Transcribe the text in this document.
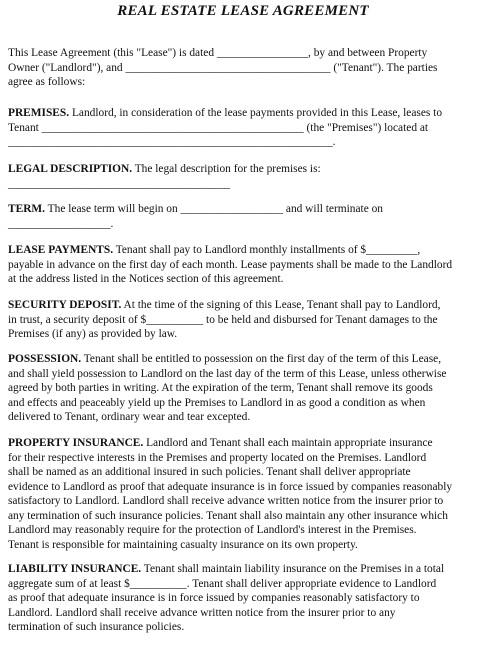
REAL ESTATE LEASE AGREEMENT
This Lease Agreement (this "Lease") is dated ________________, by and between Property
Owner ("Landlord"), and ____________________________________ ("Tenant"). The parties
agree as follows:
PREMISES. Landlord, in consideration of the lease payments provided in this Lease, leases to
Tenant ______________________________________________ (the "Premises") located at
_________________________________________________________.
LEGAL DESCRIPTION. The legal description for the premises is:
_______________________________________
TERM. The lease term will begin on __________________ and will terminate on
__________________.
LEASE PAYMENTS. Tenant shall pay to Landlord monthly installments of $_________,
payable in advance on the first day of each month. Lease payments shall be made to the Landlord
at the address listed in the Notices section of this agreement.
SECURITY DEPOSIT. At the time of the signing of this Lease, Tenant shall pay to Landlord,
in trust, a security deposit of $__________ to be held and disbursed for Tenant damages to the
Premises (if any) as provided by law.
POSSESSION. Tenant shall be entitled to possession on the first day of the term of this Lease,
and shall yield possession to Landlord on the last day of the term of this Lease, unless otherwise
agreed by both parties in writing. At the expiration of the term, Tenant shall remove its goods
and effects and peaceably yield up the Premises to Landlord in as good a condition as when
delivered to Tenant, ordinary wear and tear excepted.
PROPERTY INSURANCE. Landlord and Tenant shall each maintain appropriate insurance
for their respective interests in the Premises and property located on the Premises. Landlord
shall be named as an additional insured in such policies. Tenant shall deliver appropriate
evidence to Landlord as proof that adequate insurance is in force issued by companies reasonably
satisfactory to Landlord. Landlord shall receive advance written notice from the insurer prior to
any termination of such insurance policies. Tenant shall also maintain any other insurance which
Landlord may reasonably require for the protection of Landlord's interest in the Premises.
Tenant is responsible for maintaining casualty insurance on its own property.
LIABILITY INSURANCE. Tenant shall maintain liability insurance on the Premises in a total
aggregate sum of at least $__________. Tenant shall deliver appropriate evidence to Landlord
as proof that adequate insurance is in force issued by companies reasonably satisfactory to
Landlord. Landlord shall receive advance written notice from the insurer prior to any
termination of such insurance policies.
